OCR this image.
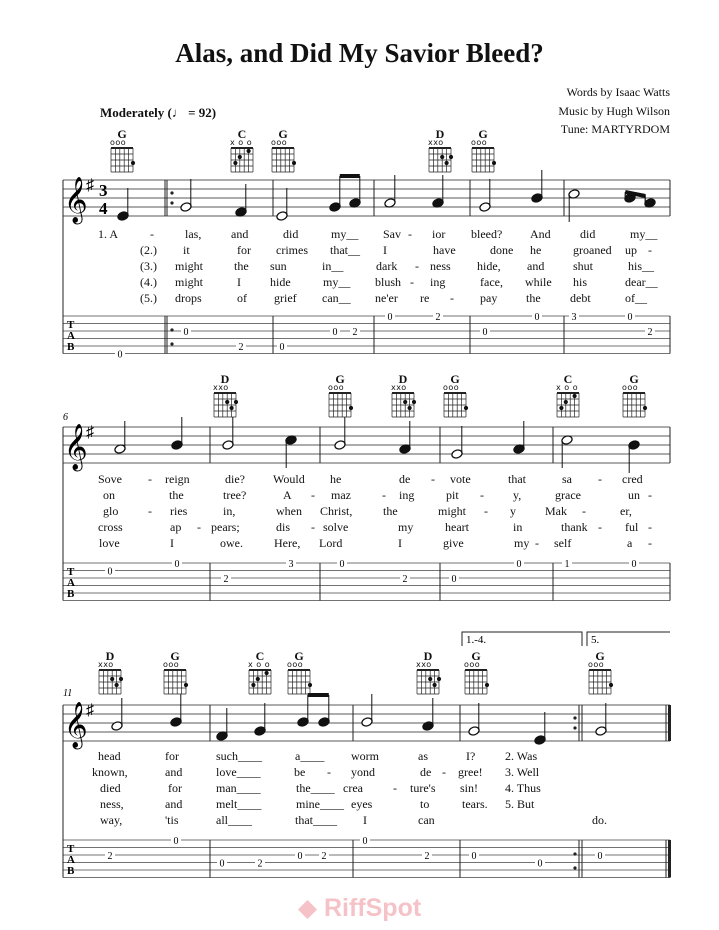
Alas, and Did My Savior Bleed?
Words by Isaac Watts
Music by Hugh Wilson
Tune: MARTYRDOM
Moderately (♩ = 92)
G
ooo
C
x o o
G
ooo
D
xxo
G
ooo
D
xxo
G
ooo
D
xxo
G
ooo
C
x o o
G
ooo
D
xxo
G
ooo
C
x o o
G
ooo
D
xxo
G
ooo
G
ooo
𝄞
♯
T
A
B
𝄞
♯
T
A
B
𝄞
♯
T
A
B
3
4
6
11
1.-4.	5.
0
0
2	0
0 2
0	2
0
0	3	0
2
0
0
2
3	0
2	0
0	1	0
2
0
0	2
0 2
0
2	0
0
0
1. A	-	las, and	did	my__ Sav - ior bleed? And did	my__
(2.) it	for crimes that__ I	have	done he	groaned up -
(3.) might	the sun	in__	dark - ness hide, and shut	his__
(4.) might	I hide	my__ blush - ing	face, while his	dear__
(5.) drops	of grief can__ ne'er re - pay the debt	of__
Sove - reign	die? Would he	de - vote	that	sa - cred
on	the	tree?	A - maz	- ing	pit - y,	grace	un -
glo - ries	in,	when Christ,	the	might - y Mak -	er,
cross	ap - pears;	dis - solve	my	heart	in	thank - ful -
love	I	owe.	Here, Lord	I	give	my - self	a -
head	for	such____	a____ worm	as	I? 2. Was
known,	and	love____	be - yond	de - gree! 3. Well
died	for	man____	the____ crea	- ture's sin! 4. Thus
ness,	and	melt____	mine____ eyes	to	tears. 5. But
way,	'tis	all____	that____ I	can	do.
◆ RiffSpot
